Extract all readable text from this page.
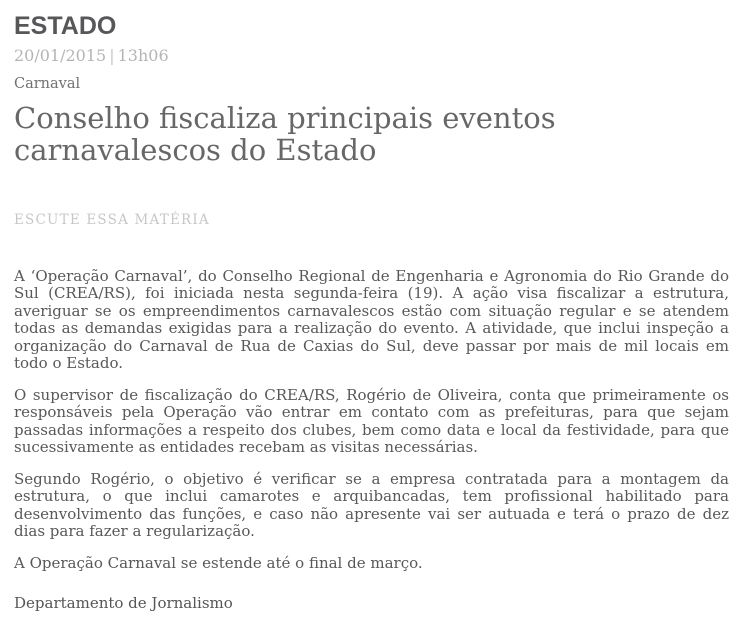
ESTADO
20/01/2015 | 13h06
Carnaval
Conselho fiscaliza principais eventos carnavalescos do Estado
ESCUTE ESSA MATÉRIA

A ‘Operação Carnaval’, do Conselho Regional de Engenharia e Agronomia do Rio Grande do Sul (CREA/RS), foi iniciada nesta segunda-feira (19). A ação visa fiscalizar a estrutura, averiguar se os empreendimentos carnavalescos estão com situação regular e se atendem todas as demandas exigidas para a realização do evento. A atividade, que inclui inspeção a organização do Carnaval de Rua de Caxias do Sul, deve passar por mais de mil locais em todo o Estado.

O supervisor de fiscalização do CREA/RS, Rogério de Oliveira, conta que primeiramente os responsáveis pela Operação vão entrar em contato com as prefeituras, para que sejam passadas informações a respeito dos clubes, bem como data e local da festividade, para que sucessivamente as entidades recebam as visitas necessárias.

Segundo Rogério, o objetivo é verificar se a empresa contratada para a montagem da estrutura, o que inclui camarotes e arquibancadas, tem profissional habilitado para desenvolvimento das funções, e caso não apresente vai ser autuada e terá o prazo de dez dias para fazer a regularização.

A Operação Carnaval se estende até o final de março.

Departamento de Jornalismo
